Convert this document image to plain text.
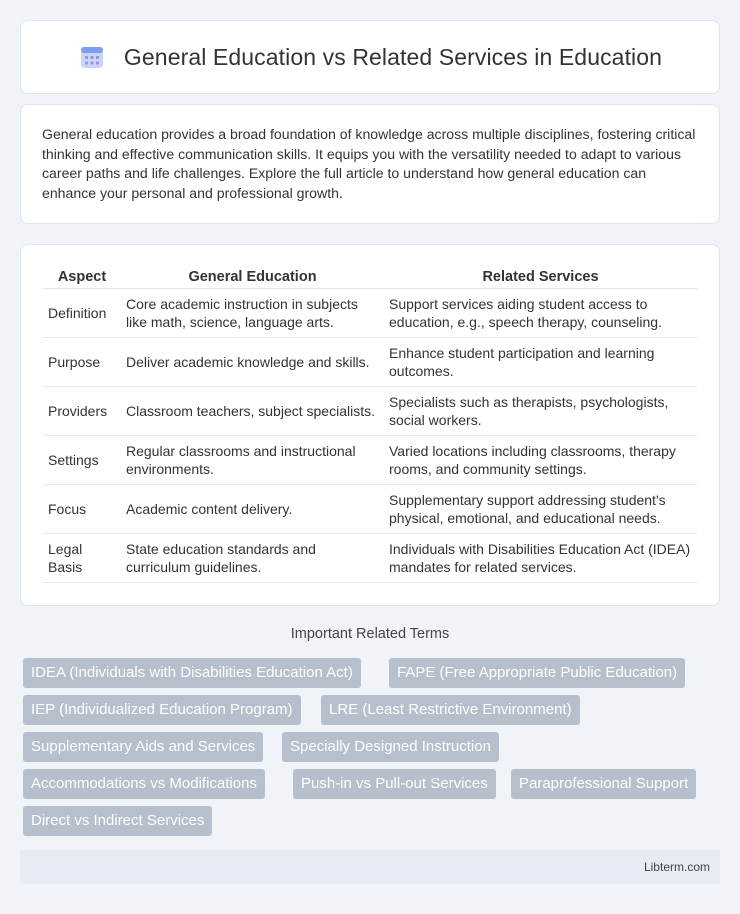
General Education vs Related Services in Education

General education provides a broad foundation of knowledge across multiple disciplines, fostering critical thinking and effective communication skills. It equips you with the versatility needed to adapt to various career paths and life challenges. Explore the full article to understand how general education can enhance your personal and professional growth.

Aspect	General Education	Related Services
Definition	Core academic instruction in subjects like math, science, language arts.	Support services aiding student access to education, e.g., speech therapy, counseling.
Purpose	Deliver academic knowledge and skills.	Enhance student participation and learning outcomes.
Providers	Classroom teachers, subject specialists.	Specialists such as therapists, psychologists, social workers.
Settings	Regular classrooms and instructional environments.	Varied locations including classrooms, therapy rooms, and community settings.
Focus	Academic content delivery.	Supplementary support addressing student's physical, emotional, and educational needs.
Legal Basis	State education standards and curriculum guidelines.	Individuals with Disabilities Education Act (IDEA) mandates for related services.
Important Related Terms
IDEA (Individuals with Disabilities Education Act)	FAPE (Free Appropriate Public Education)
IEP (Individualized Education Program)	LRE (Least Restrictive Environment)
Supplementary Aids and Services	Specially Designed Instruction
Accommodations vs Modifications	Push-in vs Pull-out Services	Paraprofessional Support
Direct vs Indirect Services
Libterm.com
